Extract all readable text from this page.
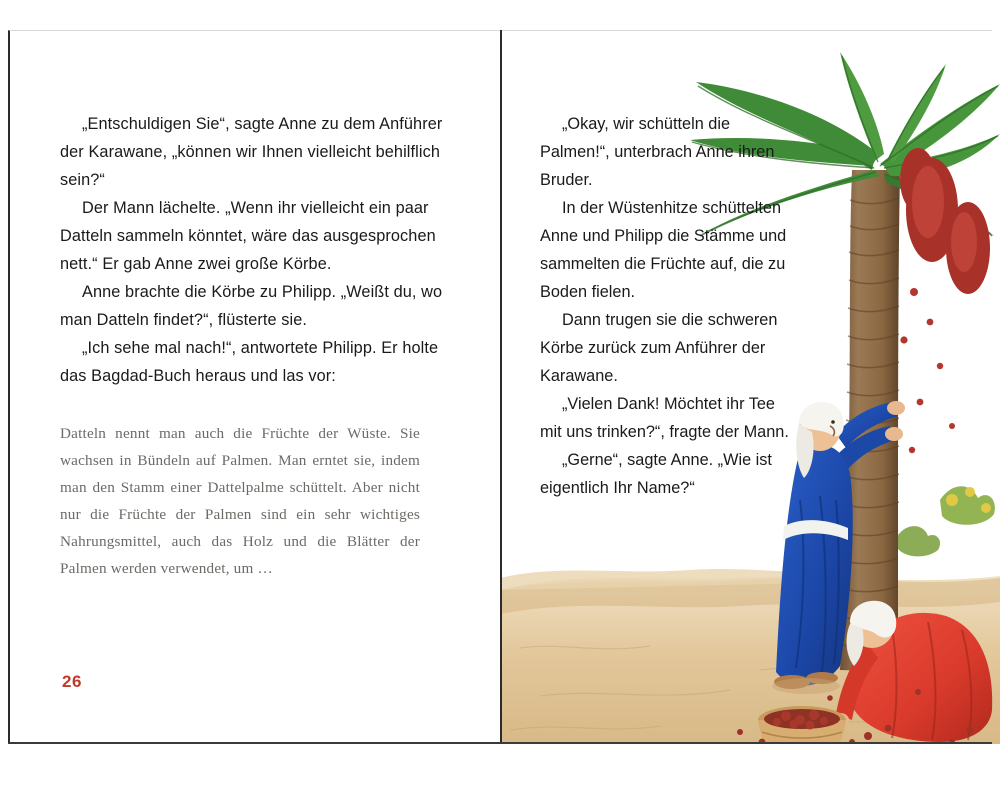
„Entschuldigen Sie“, sagte Anne zu dem Anführer der Karawane, „können wir Ihnen vielleicht behilflich sein?“

Der Mann lächelte. „Wenn ihr vielleicht ein paar Datteln sammeln könntet, wäre das ausgesprochen nett.“ Er gab Anne zwei große Körbe.

Anne brachte die Körbe zu Philipp. „Weißt du, wo man Datteln findet?“, flüsterte sie.

„Ich sehe mal nach!“, antwortete Philipp. Er holte das Bagdad-Buch heraus und las vor:

Datteln nennt man auch die Früchte der Wüste. Sie wachsen in Bündeln auf Palmen. Man erntet sie, indem man den Stamm einer Dattelpalme schüttelt. Aber nicht nur die Früchte der Palmen sind ein sehr wichtiges Nahrungsmittel, auch das Holz und die Blätter der Palmen werden verwendet, um …

26

„Okay, wir schütteln die Palmen!“, unterbrach Anne ihren Bruder.

In der Wüstenhitze schüttelten Anne und Philipp die Stämme und sammelten die Früchte auf, die zu Boden fielen.

Dann trugen sie die schweren Körbe zurück zum Anführer der Karawane.

„Vielen Dank! Möchtet ihr Tee mit uns trinken?“, fragte der Mann.

„Gerne“, sagte Anne. „Wie ist eigentlich Ihr Name?“
